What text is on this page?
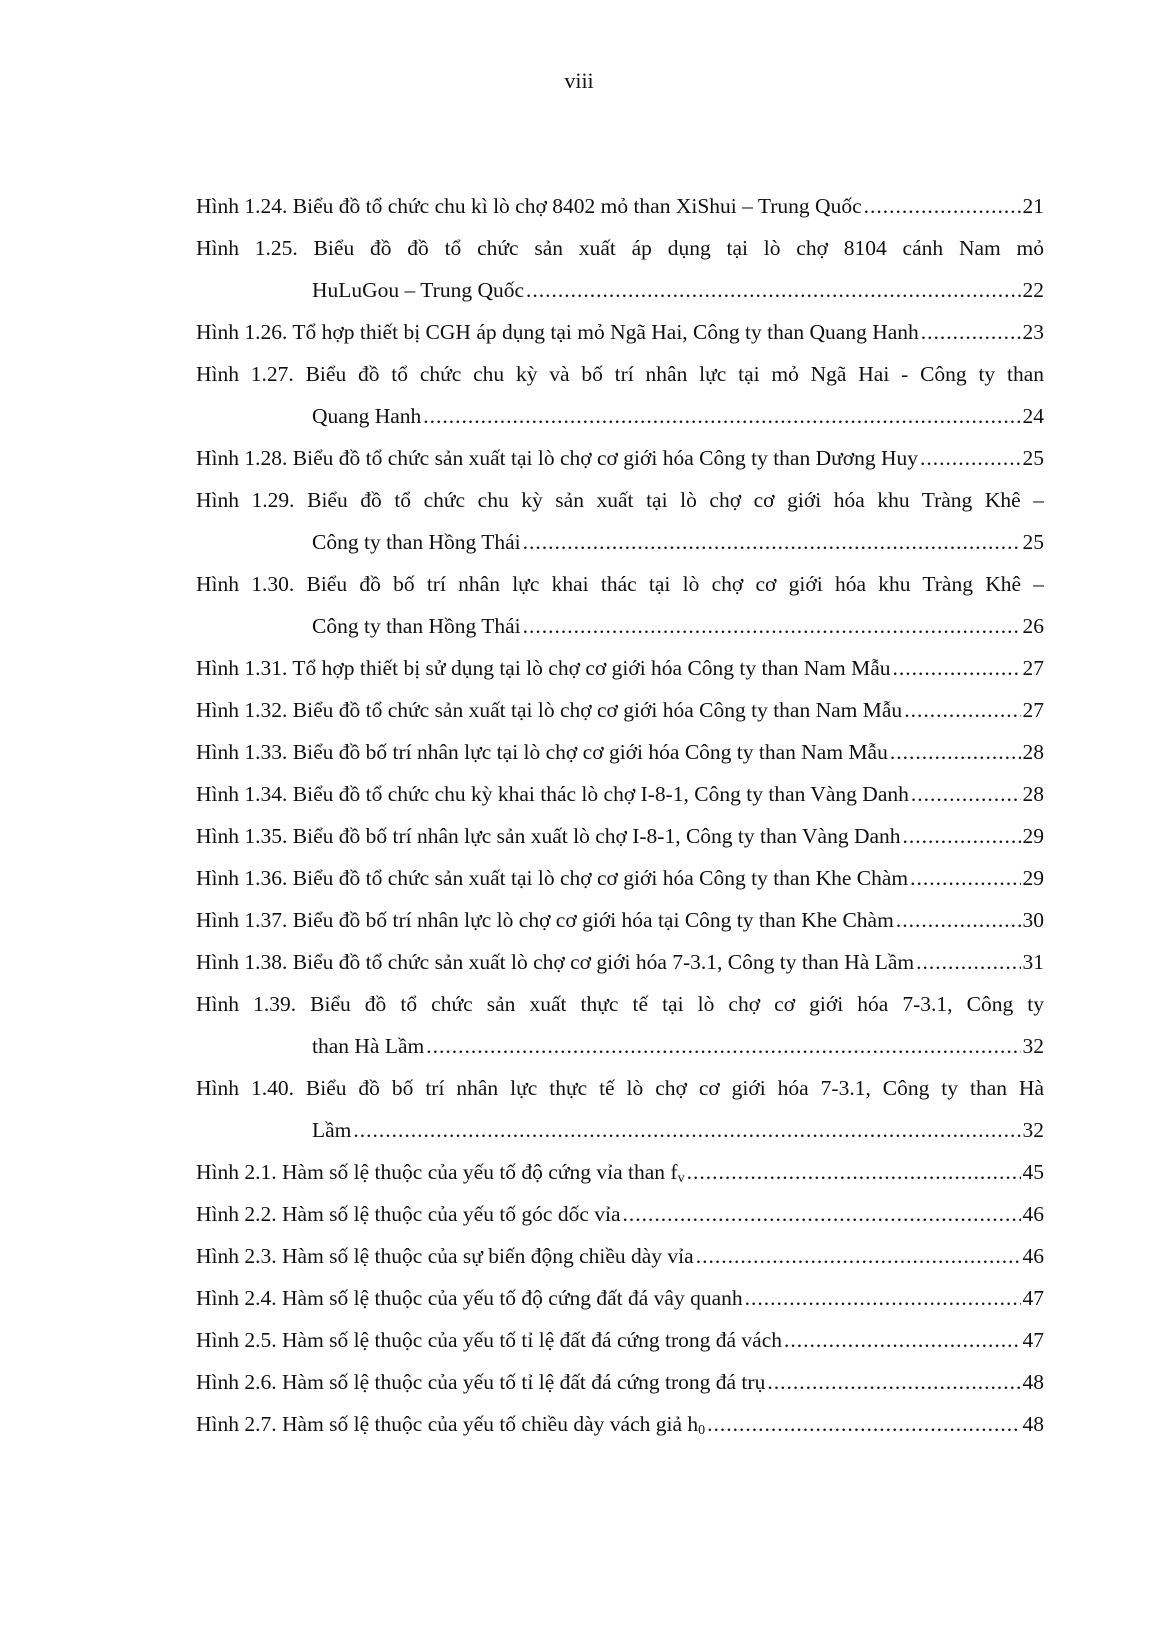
viii
Hình 1.24. Biểu đồ tổ chức chu kì lò chợ 8402 mỏ than XiShui – Trung Quốc .....	21
Hình 1.25. Biểu đồ đồ tổ chức sản xuất áp dụng tại lò chợ 8104 cánh Nam mỏ
HuLuGou – Trung Quốc .....	22
Hình 1.26. Tổ hợp thiết bị CGH áp dụng tại mỏ Ngã Hai, Công ty than Quang Hanh .....	23
Hình 1.27. Biểu đồ tổ chức chu kỳ và bố trí nhân lực tại mỏ Ngã Hai - Công ty than
Quang Hanh .....	24
Hình 1.28. Biểu đồ tổ chức sản xuất tại lò chợ cơ giới hóa Công ty than Dương Huy .....	25
Hình 1.29. Biểu đồ tổ chức chu kỳ sản xuất tại lò chợ cơ giới hóa khu Tràng Khê –
Công ty than Hồng Thái .....	25
Hình 1.30. Biểu đồ bố trí nhân lực khai thác tại lò chợ cơ giới hóa khu Tràng Khê –
Công ty than Hồng Thái .....	26
Hình 1.31. Tổ hợp thiết bị sử dụng tại lò chợ cơ giới hóa Công ty than Nam Mẫu .....	27
Hình 1.32. Biểu đồ tổ chức sản xuất tại lò chợ cơ giới hóa Công ty than Nam Mẫu .....	27
Hình 1.33. Biểu đồ bố trí nhân lực tại lò chợ cơ giới hóa Công ty than Nam Mẫu .....	28
Hình 1.34. Biểu đồ tổ chức chu kỳ khai thác lò chợ I-8-1, Công ty than Vàng Danh .....	28
Hình 1.35. Biểu đồ bố trí nhân lực sản xuất lò chợ I-8-1, Công ty than Vàng Danh .....	29
Hình 1.36. Biểu đồ tổ chức sản xuất tại lò chợ cơ giới hóa Công ty than Khe Chàm .....	29
Hình 1.37. Biểu đồ bố trí nhân lực lò chợ cơ giới hóa tại Công ty than Khe Chàm .....	30
Hình 1.38. Biểu đồ tổ chức sản xuất lò chợ cơ giới hóa 7-3.1, Công ty than Hà Lầm .....	31
Hình 1.39. Biểu đồ tổ chức sản xuất thực tế tại lò chợ cơ giới hóa 7-3.1, Công ty
than Hà Lầm .....	32
Hình 1.40. Biểu đồ bố trí nhân lực thực tế lò chợ cơ giới hóa 7-3.1, Công ty than Hà
Lầm .....	32
Hình 2.1. Hàm số lệ thuộc của yếu tố độ cứng vỉa than $f_v$ .....	45
Hình 2.2. Hàm số lệ thuộc của yếu tố góc dốc vỉa .....	46
Hình 2.3. Hàm số lệ thuộc của sự biến động chiều dày vỉa .....	46
Hình 2.4. Hàm số lệ thuộc của yếu tố độ cứng đất đá vây quanh .....	47
Hình 2.5. Hàm số lệ thuộc của yếu tố tỉ lệ đất đá cứng trong đá vách .....	47
Hình 2.6. Hàm số lệ thuộc của yếu tố tỉ lệ đất đá cứng trong đá trụ .....	48
Hình 2.7. Hàm số lệ thuộc của yếu tố chiều dày vách giả $h_0$ .....	48
